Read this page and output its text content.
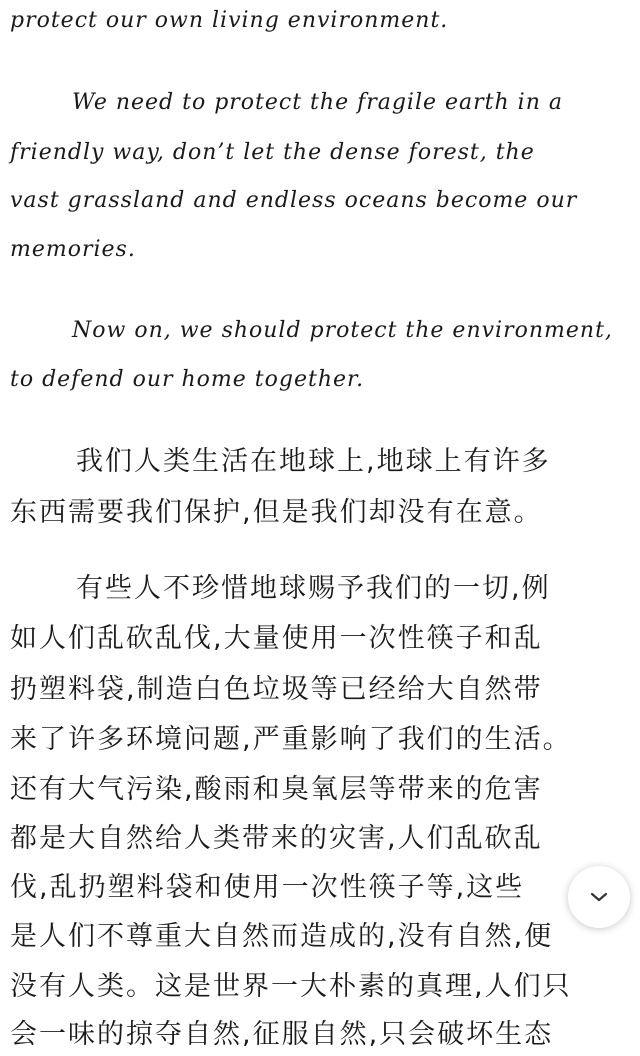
protect our own living environment.
We need to protect the fragile earth in a
friendly way, don’t let the dense forest, the
vast grassland and endless oceans become our
memories.
Now on, we should protect the environment,
to defend our home together.
我们人类生活在地球上,地球上有许多
东西需要我们保护,但是我们却没有在意。
有些人不珍惜地球赐予我们的一切,例
如人们乱砍乱伐,大量使用一次性筷子和乱
扔塑料袋,制造白色垃圾等已经给大自然带
来了许多环境问题,严重影响了我们的生活。
还有大气污染,酸雨和臭氧层等带来的危害
都是大自然给人类带来的灾害,人们乱砍乱
伐,乱扔塑料袋和使用一次性筷子等,这些
是人们不尊重大自然而造成的,没有自然,便
没有人类。这是世界一大朴素的真理,人们只
会一味的掠夺自然,征服自然,只会破坏生态
